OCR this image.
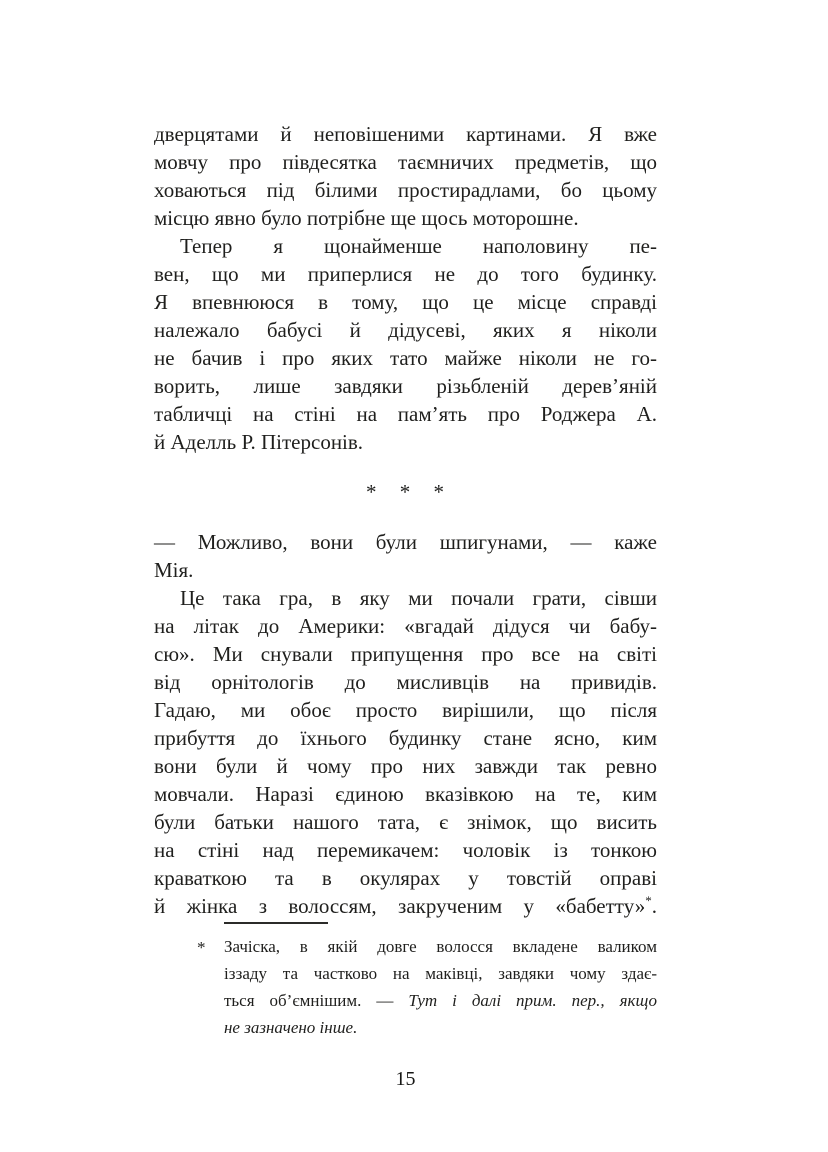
дверцятами й неповішеними картинами. Я вже
мовчу про півдесятка таємничих предметів, що
ховаються під білими простирадлами, бо цьому
місцю явно було потрібне ще щось моторошне.
Тепер я щонайменше наполовину пе-
вен, що ми приперлися не до того будинку.
Я впевнююся в тому, що це місце справді
належало бабусі й дідусеві, яких я ніколи
не бачив і про яких тато майже ніколи не го-
ворить, лише завдяки різьбленій дерев’яній
табличці на стіні на пам’ять про Роджера А.
й Аделль Р. Пітерсонів.
* * *
— Можливо, вони були шпигунами, — каже
Мія.
Це така гра, в яку ми почали грати, сівши
на літак до Америки: «вгадай дідуся чи бабу-
сю». Ми снували припущення про все на світі
від орнітологів до мисливців на привидів.
Гадаю, ми обоє просто вирішили, що після
прибуття до їхнього будинку стане ясно, ким
вони були й чому про них завжди так ревно
мовчали. Наразі єдиною вказівкою на те, ким
були батьки нашого тата, є знімок, що висить
на стіні над перемикачем: чоловік із тонкою
краваткою та в окулярах у товстій оправі
й жінка з волоссям, закрученим у «бабетту»*.
* Зачіска, в якій довге волосся вкладене валиком
іззаду та частково на маківці, завдяки чому здає-
ться об’ємнішим. — Тут і далі прим. пер., якщо
не зазначено інше.
15
